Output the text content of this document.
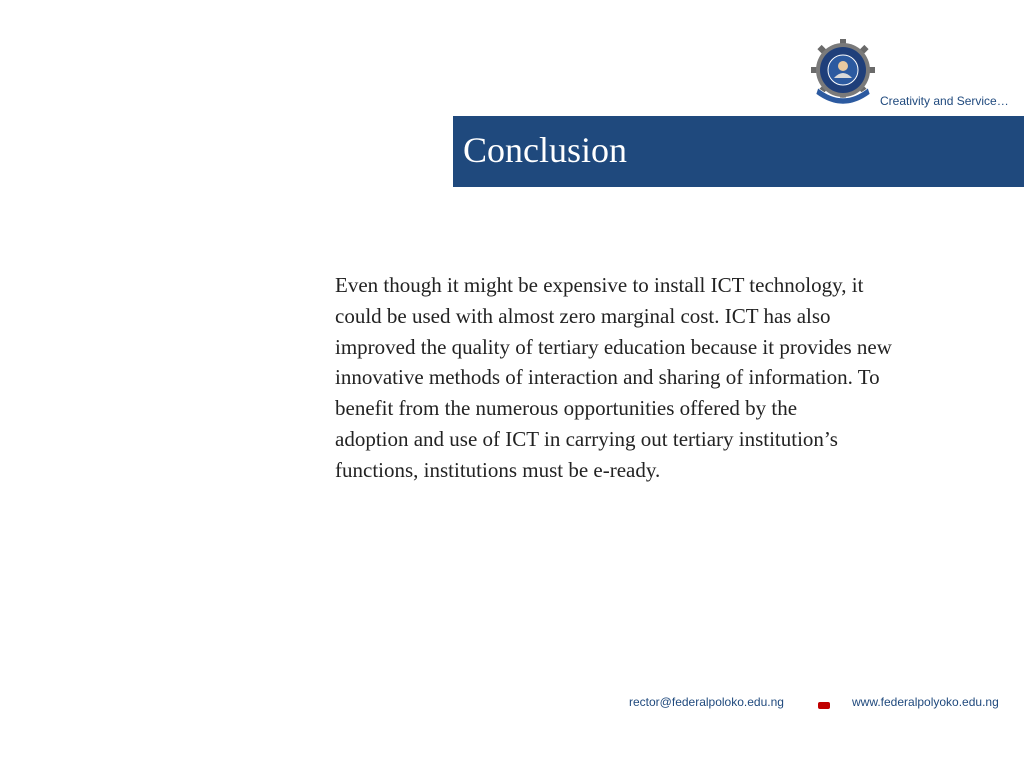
Creativity and Service…
Conclusion
Even though it might be expensive to install ICT technology, it
could be used with almost zero marginal cost. ICT has also
improved the quality of tertiary education because it provides new
innovative methods of interaction and sharing of information. To
benefit from the numerous opportunities offered by the
adoption and use of ICT in carrying out tertiary institution’s
functions, institutions must be e-ready.
rector@federalpoloko.edu.ng	www.federalpolyoko.edu.ng
